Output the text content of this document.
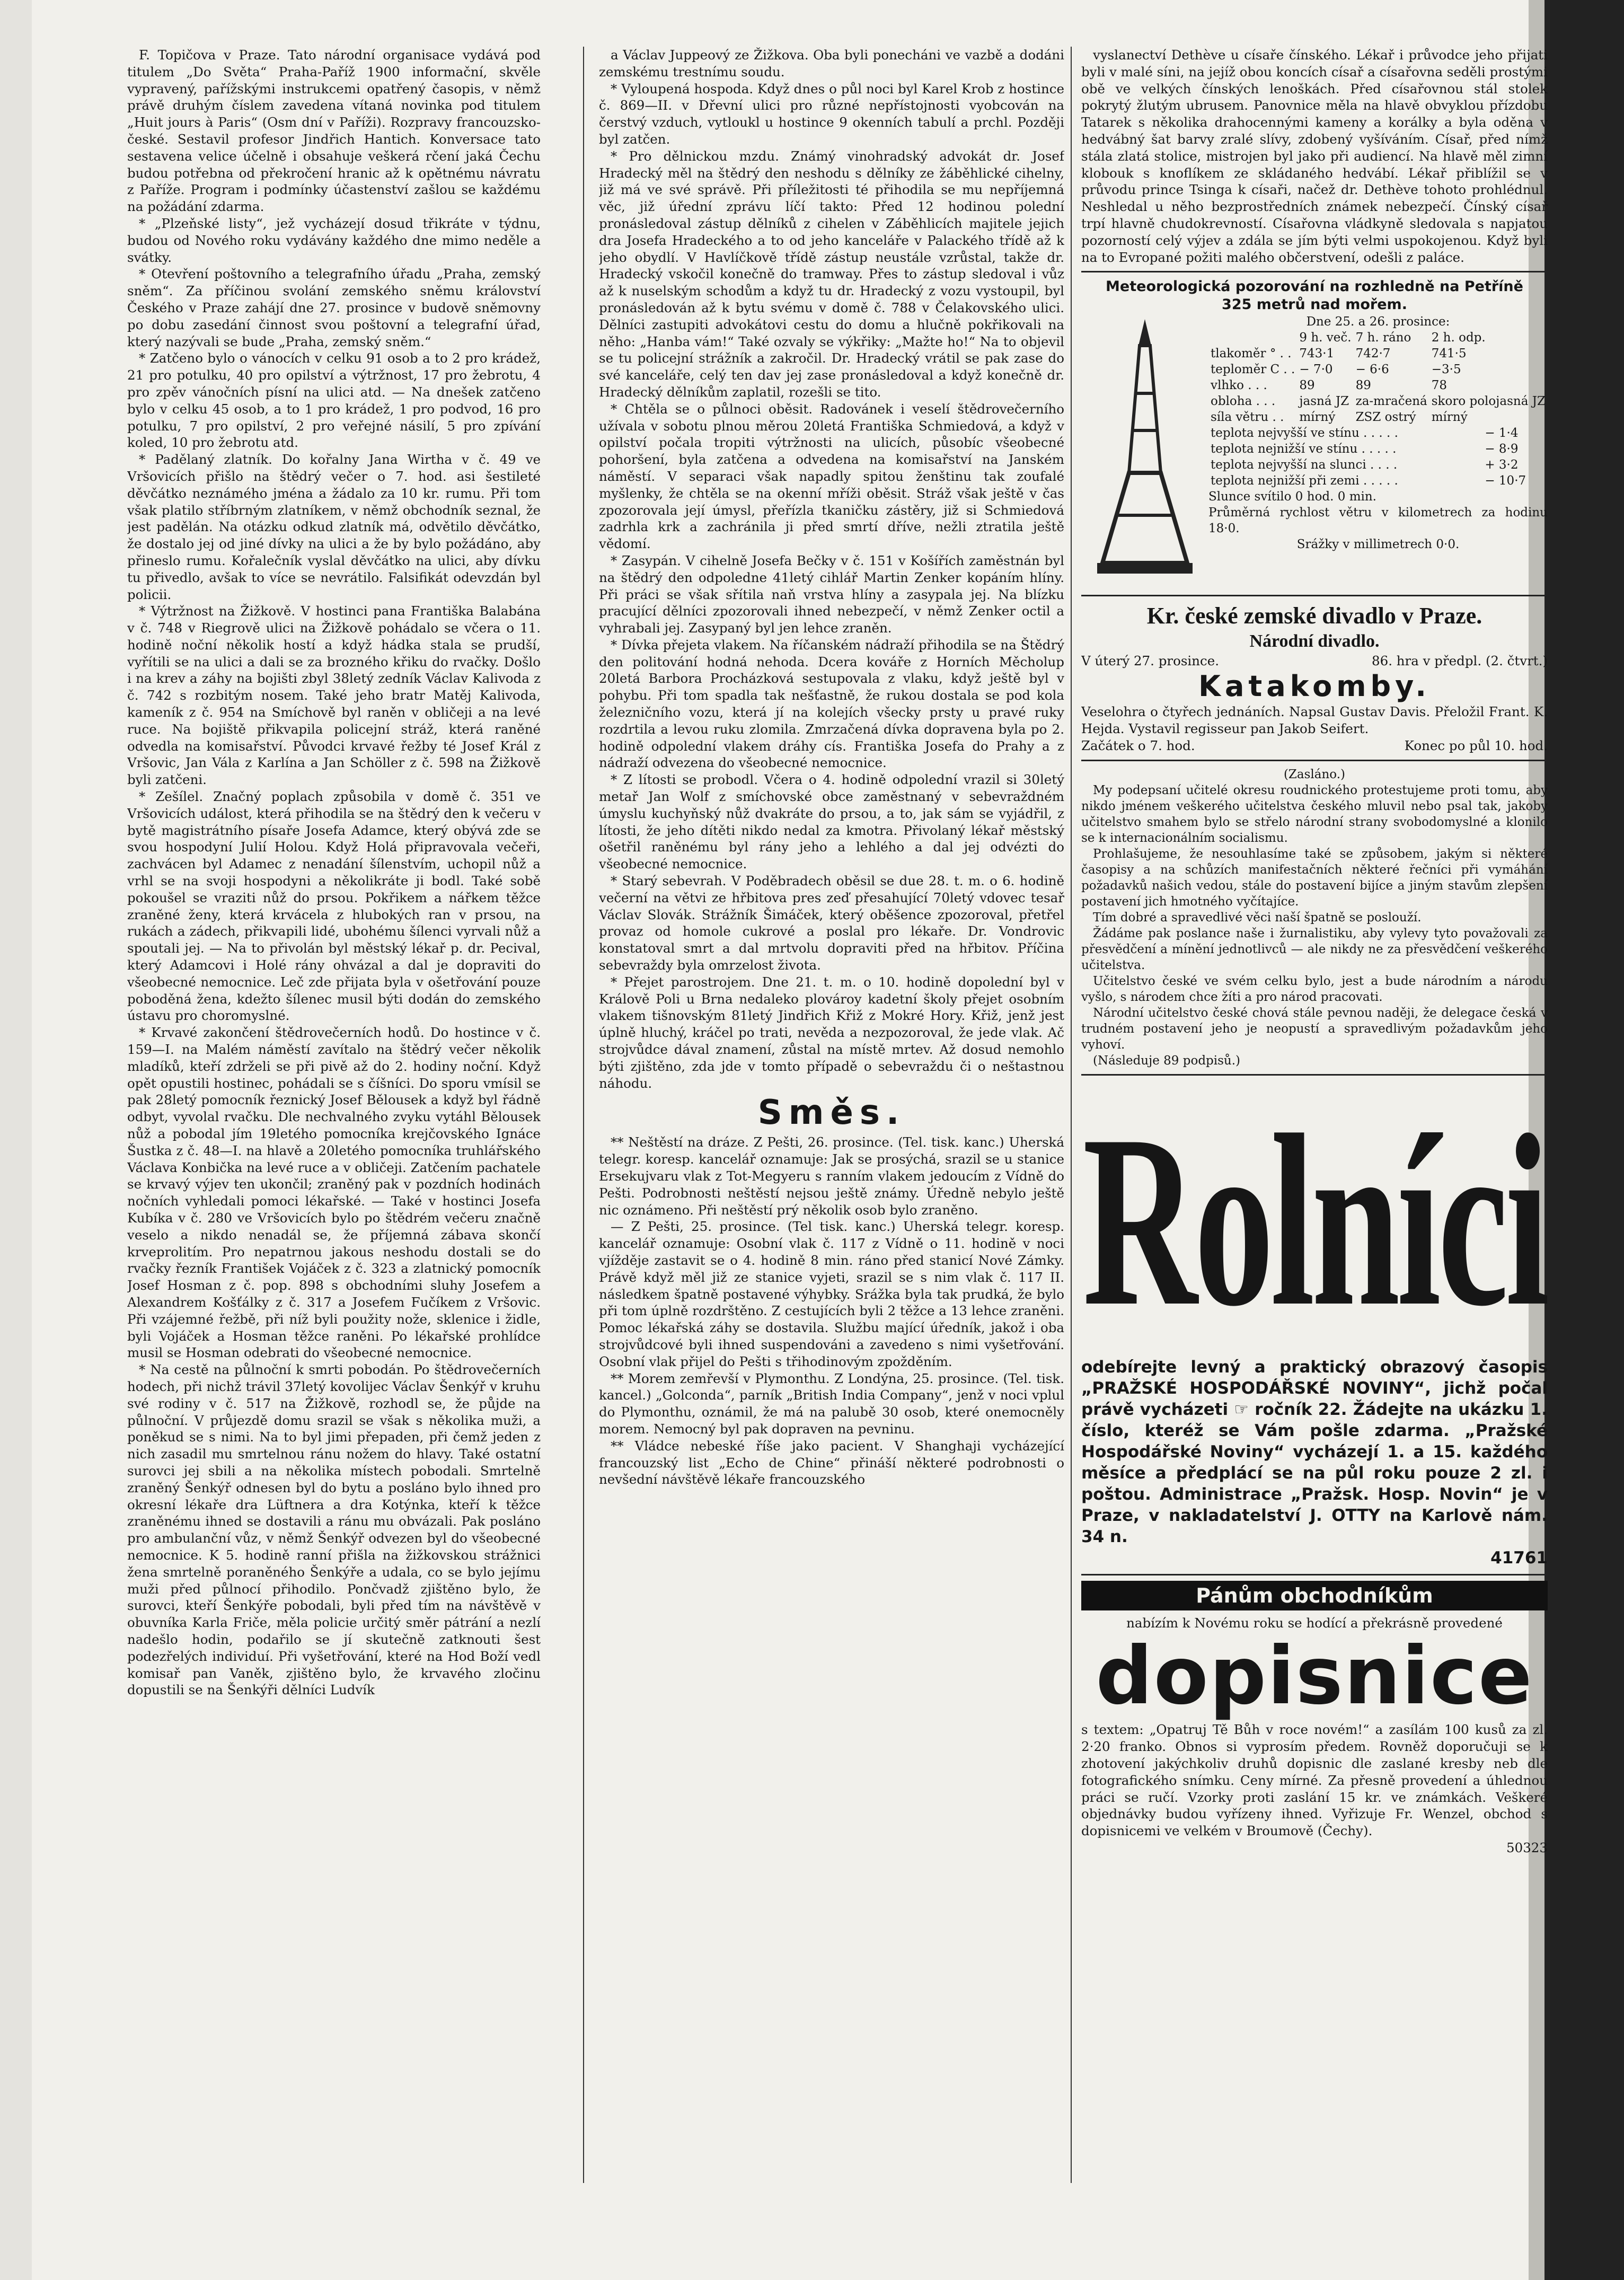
F. Topičova v Praze. Tato národní organisace vydává pod titulem „Do Světa“ Praha-Paříž 1900 informační, skvěle vypravený, pařížskými instrukcemi opatřený časopis, v němž právě druhým číslem zavedena vítaná novinka pod titulem „Huit jours à Paris“ (Osm dní v Paříži). Rozpravy francouzsko-české. Sestavil profesor Jindřich Hantich. Konversace tato sestavena velice účelně i obsahuje veškerá rčení jaká Čechu budou potřebna od překročení hranic až k opětnému návratu z Paříže. Program i podmínky účastenství zašlou se každému na požádání zdarma.

* „Plzeňské listy“, jež vycházejí dosud třikráte v týdnu, budou od Nového roku vydávány každého dne mimo neděle a svátky.

* Otevření poštovního a telegrafního úřadu „Praha, zemský sněm“. Za příčinou svolání zemského sněmu království Českého v Praze zahájí dne 27. prosince v budově sněmovny po dobu zasedání činnost svou poštovní a telegrafní úřad, který nazývali se bude „Praha, zemský sněm.“

* Zatčeno bylo o vánocích v celku 91 osob a to 2 pro krádež, 21 pro potulku, 40 pro opilství a výtržnost, 17 pro žebrotu, 4 pro zpěv vánočních písní na ulici atd. — Na dnešek zatčeno bylo v celku 45 osob, a to 1 pro krádež, 1 pro podvod, 16 pro potulku, 7 pro opilství, 2 pro veřejné násilí, 5 pro zpívání koled, 10 pro žebrotu atd.

* Padělaný zlatník. Do kořalny Jana Wirtha v č. 49 ve Vršovicích přišlo na štědrý večer o 7. hod. asi šestileté děvčátko neznámého jména a žádalo za 10 kr. rumu. Při tom však platilo stříbrným zlatníkem, v němž obchodník seznal, že jest padělán. Na otázku odkud zlatník má, odvětilo děvčátko, že dostalo jej od jiné dívky na ulici a že by bylo požádáno, aby přineslo rumu. Kořalečník vyslal děvčátko na ulici, aby dívku tu přivedlo, avšak to více se nevrátilo. Falsifikát odevzdán byl policii.

* Výtržnost na Žižkově. V hostinci pana Františka Balabána v č. 748 v Riegrově ulici na Žižkově pohádalo se včera o 11. hodině noční několik hostí a když hádka stala se prudší, vyřítili se na ulici a dali se za brozného křiku do rvačky. Došlo i na krev a záhy na bojišti zbyl 38letý zedník Václav Kalivoda z č. 742 s rozbitým nosem. Také jeho bratr Matěj Kalivoda, kameník z č. 954 na Smíchově byl raněn v obličeji a na levé ruce. Na bojiště přikvapila policejní stráž, která raněné odvedla na komisařství. Původci krvavé řežby té Josef Král z Vršovic, Jan Vála z Karlína a Jan Schöller z č. 598 na Žižkově byli zatčeni.

* Zešílel. Značný poplach způsobila v domě č. 351 ve Vršovicích událost, která přihodila se na štědrý den k večeru v bytě magistrátního písaře Josefa Adamce, který obývá zde se svou hospodyní Julií Holou. Když Holá připravovala večeři, zachvácen byl Adamec z nenadání šílenstvím, uchopil nůž a vrhl se na svoji hospodyni a několikráte ji bodl. Také sobě pokoušel se vraziti nůž do prsou. Pokřikem a nářkem těžce zraněné ženy, která krvácela z hlubokých ran v prsou, na rukách a zádech, přikvapili lidé, ubohému šílenci vyrvali nůž a spoutali jej. — Na to přivolán byl městský lékař p. dr. Pecival, který Adamcovi i Holé rány ohvázal a dal je dopraviti do všeobecné nemocnice. Leč zde přijata byla v ošetřování pouze poboděná žena, kdežto šílenec musil býti dodán do zemského ústavu pro choromyslné.

* Krvavé zakončení štědrovečerních hodů. Do hostince v č. 159—I. na Malém náměstí zavítalo na štědrý večer několik mladíků, kteří zdrželi se při pivě až do 2. hodiny noční. Když opět opustili hostinec, pohádali se s číšníci. Do sporu vmísil se pak 28letý pomocník řeznický Josef Bělousek a když byl řádně odbyt, vyvolal rvačku. Dle nechvalného zvyku vytáhl Bělousek nůž a pobodal jím 19letého pomocníka krejčovského Ignáce Šustka z č. 48—I. na hlavě a 20letého pomocníka truhlářského Václava Konbička na levé ruce a v obličeji. Zatčením pachatele se krvavý výjev ten ukončil; zraněný pak v pozdních hodinách nočních vyhledali pomoci lékařské. — Také v hostinci Josefa Kubíka v č. 280 ve Vršovicích bylo po štědrém večeru značně veselo a nikdo nenadál se, že příjemná zábava skončí krveprolitím. Pro nepatrnou jakous neshodu dostali se do rvačky řezník František Vojáček z č. 323 a zlatnický pomocník Josef Hosman z č. pop. 898 s obchodními sluhy Josefem a Alexandrem Košťálky z č. 317 a Josefem Fučíkem z Vršovic. Při vzájemné řežbě, při níž byli použity nože, sklenice i židle, byli Vojáček a Hosman těžce raněni. Po lékařské prohlídce musil se Hosman odebrati do všeobecné nemocnice.

* Na cestě na půlnoční k smrti pobodán. Po štědrovečerních hodech, při nichž trávil 37letý kovolijec Václav Šenkýř v kruhu své rodiny v č. 517 na Žižkově, rozhodl se, že půjde na půlnoční. V průjezdě domu srazil se však s několika muži, a poněkud se s nimi. Na to byl jimi přepaden, při čemž jeden z nich zasadil mu smrtelnou ránu nožem do hlavy. Také ostatní surovci jej sbili a na několika místech pobodali. Smrtelně zraněný Šenkýř odnesen byl do bytu a posláno bylo ihned pro okresní lékaře dra Lüftnera a dra Kotýnka, kteří k těžce zraněnému ihned se dostavili a ránu mu obvázali. Pak posláno pro ambulanční vůz, v němž Šenkýř odvezen byl do všeobecné nemocnice. K 5. hodině ranní přišla na žižkovskou strážnici žena smrtelně poraněného Šenkýře a udala, co se bylo jejímu muži před půlnocí přihodilo. Pončvadž zjištěno bylo, že surovci, kteří Šenkýře pobodali, byli před tím na návštěvě v obuvníka Karla Friče, měla policie určitý směr pátrání a nezlí nadešlo hodin, podařilo se jí skutečně zatknouti šest podezřelých individuí. Při vyšetřování, které na Hod Boží vedl komisař pan Vaněk, zjištěno bylo, že krvavého zločinu dopustili se na Šenkýři dělníci Ludvík

a Václav Juppeový ze Žižkova. Oba byli ponecháni ve vazbě a dodáni zemskému trestnímu soudu.

* Vyloupená hospoda. Když dnes o půl noci byl Karel Krob z hostince č. 869—II. v Dřevní ulici pro různé nepřístojnosti vyobcován na čerstvý vzduch, vytloukl u hostince 9 okenních tabulí a prchl. Později byl zatčen.

* Pro dělnickou mzdu. Známý vinohradský advokát dr. Josef Hradecký měl na štědrý den neshodu s dělníky ze žáběhlické cihelny, již má ve své správě. Při příležitosti té přihodila se mu nepříjemná věc, již úřední zprávu líčí takto: Před 12 hodinou polední pronásledoval zástup dělníků z cihelen v Záběhlicích majitele jejich dra Josefa Hradeckého a to od jeho kanceláře v Palackého třídě až k jeho obydlí. V Havlíčkově třídě zástup neustále vzrůstal, takže dr. Hradecký vskočil konečně do tramway. Přes to zástup sledoval i vůz až k nuselským schodům a když tu dr. Hradecký z vozu vystoupil, byl pronásledován až k bytu svému v domě č. 788 v Čelakovského ulici. Dělníci zastupiti advokátovi cestu do domu a hlučně pokřikovali na něho: „Hanba vám!“ Také ozvaly se výkřiky: „Mažte ho!“ Na to objevil se tu policejní strážník a zakročil. Dr. Hradecký vrátil se pak zase do své kanceláře, celý ten dav jej zase pronásledoval a když konečně dr. Hradecký dělníkům zaplatil, rozešli se tito.

* Chtěla se o půlnoci oběsit. Radovánek i veselí štědrovečerního užívala v sobotu plnou měrou 20letá Františka Schmiedová, a když v opilství počala tropiti výtržnosti na ulicích, působíc všeobecné pohoršení, byla zatčena a odvedena na komisařství na Janském náměstí. V separaci však napadly spitou ženštinu tak zoufalé myšlenky, že chtěla se na okenní mříži oběsit. Stráž však ještě v čas zpozorovala její úmysl, přeřízla tkaničku zástěry, již si Schmiedová zadrhla krk a zachránila ji před smrtí dříve, nežli ztratila ještě vědomí.

* Zasypán. V cihelně Josefa Bečky v č. 151 v Košířích zaměstnán byl na štědrý den odpoledne 41letý cihlář Martin Zenker kopáním hlíny. Při práci se však sřítila naň vrstva hlíny a zasypala jej. Na blízku pracující dělníci zpozorovali ihned nebezpečí, v němž Zenker octil a vyhrabali jej. Zasypaný byl jen lehce zraněn.

* Dívka přejeta vlakem. Na říčanském nádraží přihodila se na Štědrý den politování hodná nehoda. Dcera kováře z Horních Měcholup 20letá Barbora Procházková sestupovala z vlaku, když ještě byl v pohybu. Při tom spadla tak nešťastně, že rukou dostala se pod kola železničního vozu, která jí na kolejích všecky prsty u pravé ruky rozdrtila a levou ruku zlomila. Zmrzačená dívka dopravena byla po 2. hodině odpolední vlakem dráhy cís. Františka Josefa do Prahy a z nádraží odvezena do všeobecné nemocnice.

* Z lítosti se probodl. Včera o 4. hodině odpolední vrazil si 30letý metař Jan Wolf z smíchovské obce zaměstnaný v sebevraždném úmyslu kuchyňský nůž dvakráte do prsou, a to, jak sám se vyjádřil, z lítosti, že jeho dítěti nikdo nedal za kmotra. Přivolaný lékař městský ošetřil raněnému byl rány jeho a lehlého a dal jej odvézti do všeobecné nemocnice.

* Starý sebevrah. V Poděbradech oběsil se due 28. t. m. o 6. hodině večerní na větvi ze hřbitova pres zeď přesahující 70letý vdovec tesař Václav Slovák. Strážník Šimáček, který oběšence zpozoroval, přetřel provaz od homole cukrové a poslal pro lékaře. Dr. Vondrovic konstatoval smrt a dal mrtvolu dopraviti před na hřbitov. Příčina sebevraždy byla omrzelost života.

* Přejet parostrojem. Dne 21. t. m. o 10. hodině dopolední byl v Králově Poli u Brna nedaleko plovároy kadetní školy přejet osobním vlakem tišnovským 81letý Jindřich Křiž z Mokré Hory. Křiž, jenž jest úplně hluchý, kráčel po trati, nevěda a nezpozoroval, že jede vlak. Ač strojvůdce dával znamení, zůstal na místě mrtev. Až dosud nemohlo býti zjištěno, zda jde v tomto případě o sebevraždu či o neštastnou náhodu.

Směs.

** Neštěstí na dráze. Z Pešti, 26. prosince. (Tel. tisk. kanc.) Uherská telegr. koresp. kancelář oznamuje: Jak se prosýchá, srazil se u stanice Ersekujvaru vlak z Tot-Megyeru s ranním vlakem jedoucím z Vídně do Pešti. Podrobnosti neštěstí nejsou ještě známy. Úředně nebylo ještě nic oznámeno. Při neštěstí prý několik osob bylo zraněno.

— Z Pešti, 25. prosince. (Tel tisk. kanc.) Uherská telegr. koresp. kancelář oznamuje: Osobní vlak č. 117 z Vídně o 11. hodině v noci vjížděje zastavit se o 4. hodině 8 min. ráno před stanicí Nové Zámky. Právě když měl již ze stanice vyjeti, srazil se s nim vlak č. 117 II. následkem špatně postavené výhybky. Srážka byla tak prudká, že bylo při tom úplně rozdrštěno. Z cestujících byli 2 těžce a 13 lehce zraněni. Pomoc lékařská záhy se dostavila. Službu mající úředník, jakož i oba strojvůdcové byli ihned suspendováni a zavedeno s nimi vyšetřování. Osobní vlak přijel do Pešti s třihodinovým zpožděním.

** Morem zemřevší v Plymonthu. Z Londýna, 25. prosince. (Tel. tisk. kancel.) „Golconda“, parník „British India Company“, jenž v noci vplul do Plymonthu, oznámil, že má na palubě 30 osob, které onemocněly morem. Nemocný byl pak dopraven na pevninu.

** Vládce nebeské říše jako pacient. V Shanghaji vycházející francouzský list „Echo de Chine“ přináší některé podrobnosti o nevšední návštěvě lékaře francouzského

vyslanectví Dethève u císaře čínského. Lékař i průvodce jeho přijati byli v malé síni, na jejíž obou koncích císař a císařovna seděli prostými obě ve velkých čínských lenoškách. Před císařovnou stál stolek pokrytý žlutým ubrusem. Panovnice měla na hlavě obvyklou přízdobu Tatarek s několika drahocennými kameny a korálky a byla oděna v hedvábný šat barvy zralé slívy, zdobený vyšíváním. Císař, před nímž stála zlatá stolice, mistrojen byl jako při audiencí. Na hlavě měl zimní klobouk s knoflíkem ze skládaného hedvábí. Lékař přiblížil se v průvodu prince Tsinga k císaři, načež dr. Dethève tohoto prohlédnul. Neshledal u něho bezprostředních známek nebezpečí. Čínský císař trpí hlavně chudokrevností. Císařovna vládkyně sledovala s napjatou pozorností celý výjev a zdála se jím býti velmi uspokojenou. Když byli na to Evropané požiti malého občerstvení, odešli z paláce.

Meteorologická pozorování na rozhledně na Petříně
325 metrů nad mořem.
Dne 25. a 26. prosince:
	9 h. več.	7 h. ráno	2 h. odp.
tlakoměr ° . .	743·1	742·7	741·5
teploměr C . .	− 7·0	− 6·6	−3·5
vlhko . . .	89	89	78
obloha . . .	jasná JZ	za-mračená	skoro polojasná JZ
síla větru . .	mírný	ZSZ ostrý	mírný
teplota nejvyšší ve stínu . . . . .	− 1·4
teplota nejnižší ve stínu . . . . .	− 8·9
teplota nejvyšší na slunci . . . .	+ 3·2
teplota nejnižší při zemi . . . . .	− 10·7
Slunce svítilo 0 hod. 0 min.
Průměrná rychlost větru v kilometrech za hodinu 18·0.
Srážky v millimetrech 0·0.
Kr. české zemské divadlo v Praze.
Národní divadlo.
V úterý 27. prosince.	86. hra v předpl. (2. čtvrt.)
Katakomby.
Veselohra o čtyřech jednáních. Napsal Gustav Davis. Přeložil Frant. K. Hejda. Vystavil regisseur pan Jakob Seifert.
Začátek o 7. hod.	Konec po půl 10. hod.
(Zasláno.)

My podepsaní učitelé okresu roudnického protestujeme proti tomu, aby nikdo jménem veškerého učitelstva českého mluvil nebo psal tak, jakoby učitelstvo smahem bylo se střelo národní strany svobodomyslné a klonilo se k internacionálním socialismu.

Prohlašujeme, že nesouhlasíme také se způsobem, jakým si některé časopisy a na schůzích manifestačních některé řečníci při vymáhání požadavků našich vedou, stále do postavení bijíce a jiným stavům zlepšení postavení jich hmotného vyčítajíce.

Tím dobré a spravedlivé věci naší špatně se poslouží.

Žádáme pak poslance naše i žurnalistiku, aby vylevy tyto považovali za přesvědčení a mínění jednotlivců — ale nikdy ne za přesvědčení veškerého učitelstva.

Učitelstvo české ve svém celku bylo, jest a bude národním a národu vyšlo, s národem chce žíti a pro národ pracovati.

Národní učitelstvo české chová stále pevnou naději, že delegace česká v trudném postavení jeho je neopustí a spravedlivým požadavkům jeho vyhoví.

(Následuje 89 podpisů.)

Rolníci
odebírejte levný a praktický obrazový časopis „PRAŽSKÉ HOSPODÁŘSKÉ NOVINY“, jichž počal právě vycházeti ☞ ročník 22. Žádejte na ukázku 1. číslo, kteréž se Vám pošle zdarma. „Pražské Hospodářské Noviny“ vycházejí 1. a 15. každého měsíce a předplácí se na půl roku pouze 2 zl. i poštou. Administrace „Pražsk. Hosp. Novin“ je v Praze, v nakladatelství J. OTTY na Karlově nám. 34 n.
41761
Pánům obchodníkům
nabízím k Novému roku se hodící a překrásně provedené
dopisnice
s textem: „Opatruj Tě Bůh v roce novém!“ a zasílám 100 kusů za zl. 2·20 franko. Obnos si vyprosím předem. Rovněž doporučuji se k zhotovení jakýchkoliv druhů dopisnic dle zaslané kresby neb dle fotografického snímku. Ceny mírné. Za přesně provedení a úhlednou práci se ručí. Vzorky proti zaslání 15 kr. ve známkách. Veškeré objednávky budou vyřízeny ihned. Vyřizuje Fr. Wenzel, obchod s dopisnicemi ve velkém v Broumově (Čechy).
50323
